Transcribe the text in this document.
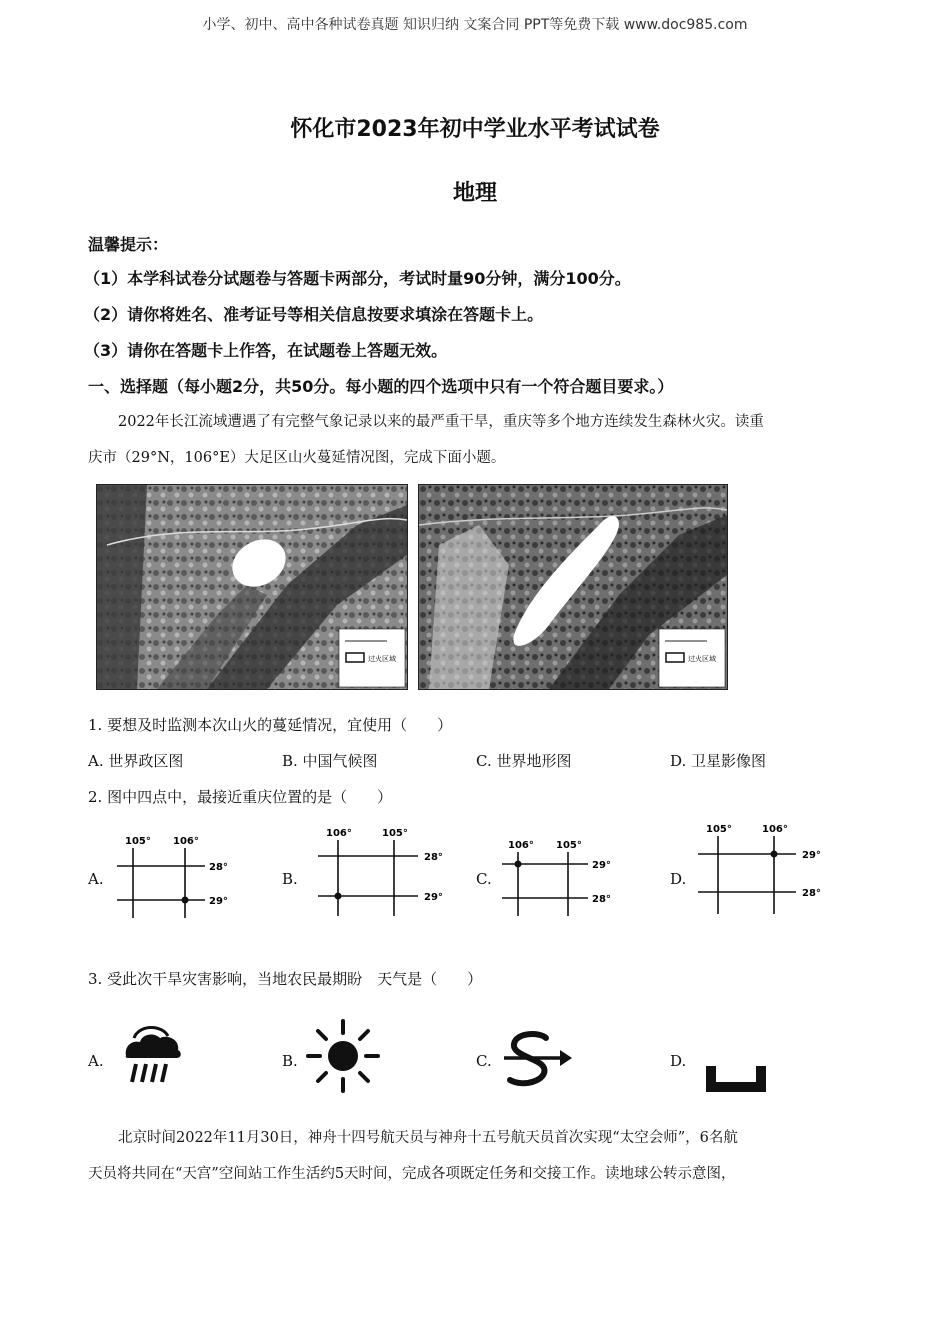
小学、初中、高中各种试卷真题 知识归纳 文案合同 PPT等免费下载 www.doc985.com
怀化市2023年初中学业水平考试试卷
地理
温馨提示：
（1）本学科试卷分试题卷与答题卡两部分，考试时量90分钟，满分100分。
（2）请你将姓名、准考证号等相关信息按要求填涂在答题卡上。
（3）请你在答题卡上作答，在试题卷上答题无效。
一、选择题（每小题2分，共50分。每小题的四个选项中只有一个符合题目要求。）
2022年长江流域遭遇了有完整气象记录以来的最严重干旱，重庆等多个地方连续发生森林火灾。读重
庆市（29°N，106°E）大足区山火蔓延情况图，完成下面小题。
过火区域	过火区域
1. 要想及时监测本次山火的蔓延情况，宜使用（　　）
A. 世界政区图	B. 中国气候图	C. 世界地形图	D. 卫星影像图
2. 图中四点中，最接近重庆位置的是（　　）
A.
105° 106°
28°
29°
B.
106°	105°
28°
29°
C.
106° 105°
29°
28°
D.
105°	106°
29°
28°
3. 受此次干旱灾害影响，当地农民最期盼　天气是（　　）
A.	B.	C.	D.
北京时间2022年11月30日，神舟十四号航天员与神舟十五号航天员首次实现“太空会师”，6名航
天员将共同在“天宫”空间站工作生活约5天时间，完成各项既定任务和交接工作。读地球公转示意图，
